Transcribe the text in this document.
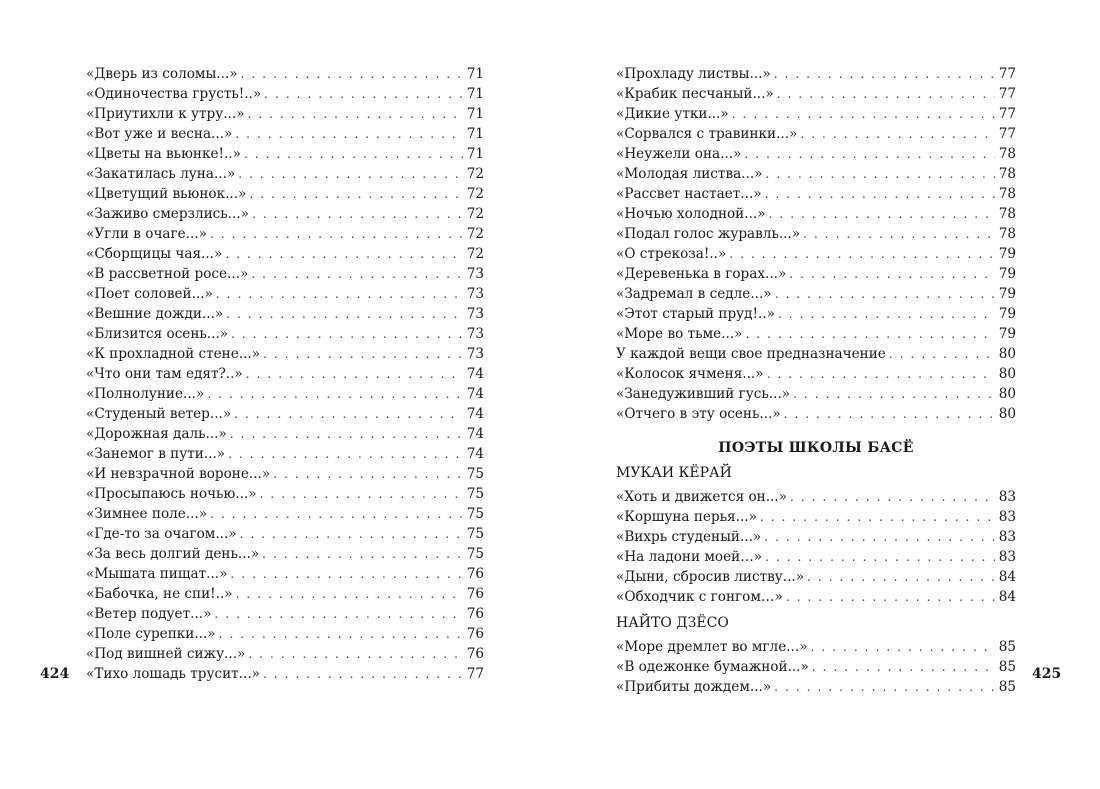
«Дверь из соломы...» . . .	71
«Одиночества грусть!..» . . .	71
«Приутихли к утру...» . . .	71
«Вот уже и весна...» . . .	71
«Цветы на вьюнке!..» . . .	71
«Закатилась луна...» . . .	72
«Цветущий вьюнок...» . . .	72
«Заживо смерзлись...» . . .	72
«Угли в очаге...» . . .	72
«Сборщицы чая...» . . .	72
«В рассветной росе...» . . .	73
«Поет соловей...» . . .	73
«Вешние дожди...» . . .	73
«Близится осень...» . . .	73
«К прохладной стене...» . . .	73
«Что они там едят?..» . . .	74
«Полнолуние...» . . .	74
«Студеный ветер...» . . .	74
«Дорожная даль...» . . .	74
«Занемог в пути...» . . .	74
«И невзрачной вороне...» . . .	75
«Просыпаюсь ночью...» . . .	75
«Зимнее поле...» . . .	75
«Где-то за очагом...» . . .	75
«За весь долгий день...» . . .	75
«Мышата пищат...» . . .	76
«Бабочка, не спи!..» . . .	76
«Ветер подует...» . . .	76
«Поле сурепки...» . . .	76
«Под вишней сижу...» . . .	76
«Тихо лошадь трусит...» . . .	77
424
«Прохладу листвы...» . . .	77
«Крабик песчаный...» . . .	77
«Дикие утки...» . . .	77
«Сорвался с травинки...» . . .	77
«Неужели она...» . . .	78
«Молодая листва...» . . .	78
«Рассвет настает...» . . .	78
«Ночью холодной...» . . .	78
«Подал голос журавль...» . . .	78
«О стрекоза!..» . . .	79
«Деревенька в горах...» . . .	79
«Задремал в седле...» . . .	79
«Этот старый пруд!..» . . .	79
«Море во тьме...» . . .	79
У каждой вещи свое предназначение . . .	80
«Колосок ячменя...» . . .	80
«Занедуживший гусь...» . . .	80
«Отчего в эту осень...» . . .	80
ПОЭТЫ ШКОЛЫ БАСЁ
МУКАИ КЁРАЙ
«Хоть и движется он...» . . .	83
«Коршуна перья...» . . .	83
«Вихрь студеный...» . . .	83
«На ладони моей…» . . .	83
«Дыни, сбросив листву...» . . .	84
«Обходчик с гонгом…» . . .	84
НАЙТО ДЗЁСО
«Море дремлет во мгле...» . . .	85
«В одежонке бумажной...» . . .	85
«Прибиты дождем...» . . .	85
425
